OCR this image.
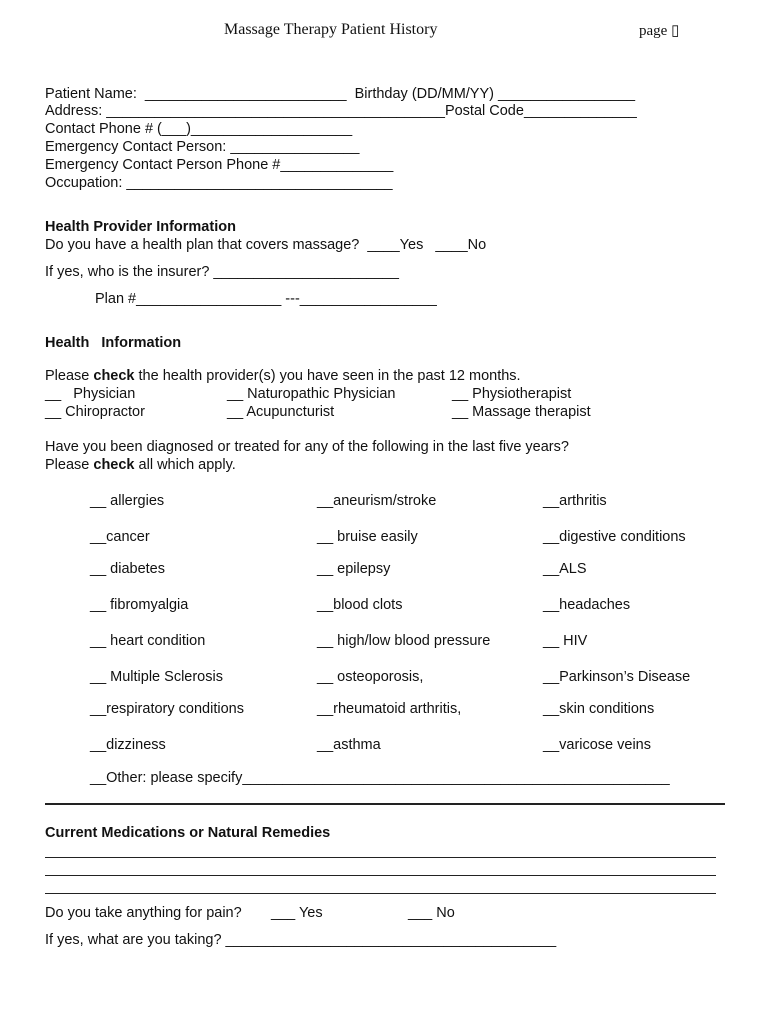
Massage Therapy Patient History	page ▯
Patient Name:  _________________________  Birthday (DD/MM/YY) _________________
Address: __________________________________________Postal Code______________
Contact Phone # (___)____________________
Emergency Contact Person: ________________
Emergency Contact Person Phone #______________
Occupation: _________________________________
Health Provider Information
Do you have a health plan that covers massage?  ____Yes   ____No
If yes, who is the insurer? _______________________
Plan #__________________ ---_________________
Health   Information
Please check the health provider(s) you have seen in the past 12 months.
__   Physician	__ Naturopathic Physician	__ Physiotherapist
__ Chiropractor	__ Acupuncturist	__ Massage therapist
Have you been diagnosed or treated for any of the following in the last five years?
Please check all which apply.
__ allergies	__aneurism/stroke	__arthritis
__cancer	__ bruise easily	__digestive conditions
__ diabetes	__ epilepsy	__ALS
__ fibromyalgia	__blood clots	__headaches
__ heart condition	__ high/low blood pressure	__ HIV
__ Multiple Sclerosis	__ osteoporosis,	__Parkinson’s Disease
__respiratory conditions	__rheumatoid arthritis,	__skin conditions
__dizziness	__asthma	__varicose veins
__Other: please specify_____________________________________________________
Current Medications or Natural Remedies
Do you take anything for pain? ___ Yes	___ No
If yes, what are you taking? _________________________________________
